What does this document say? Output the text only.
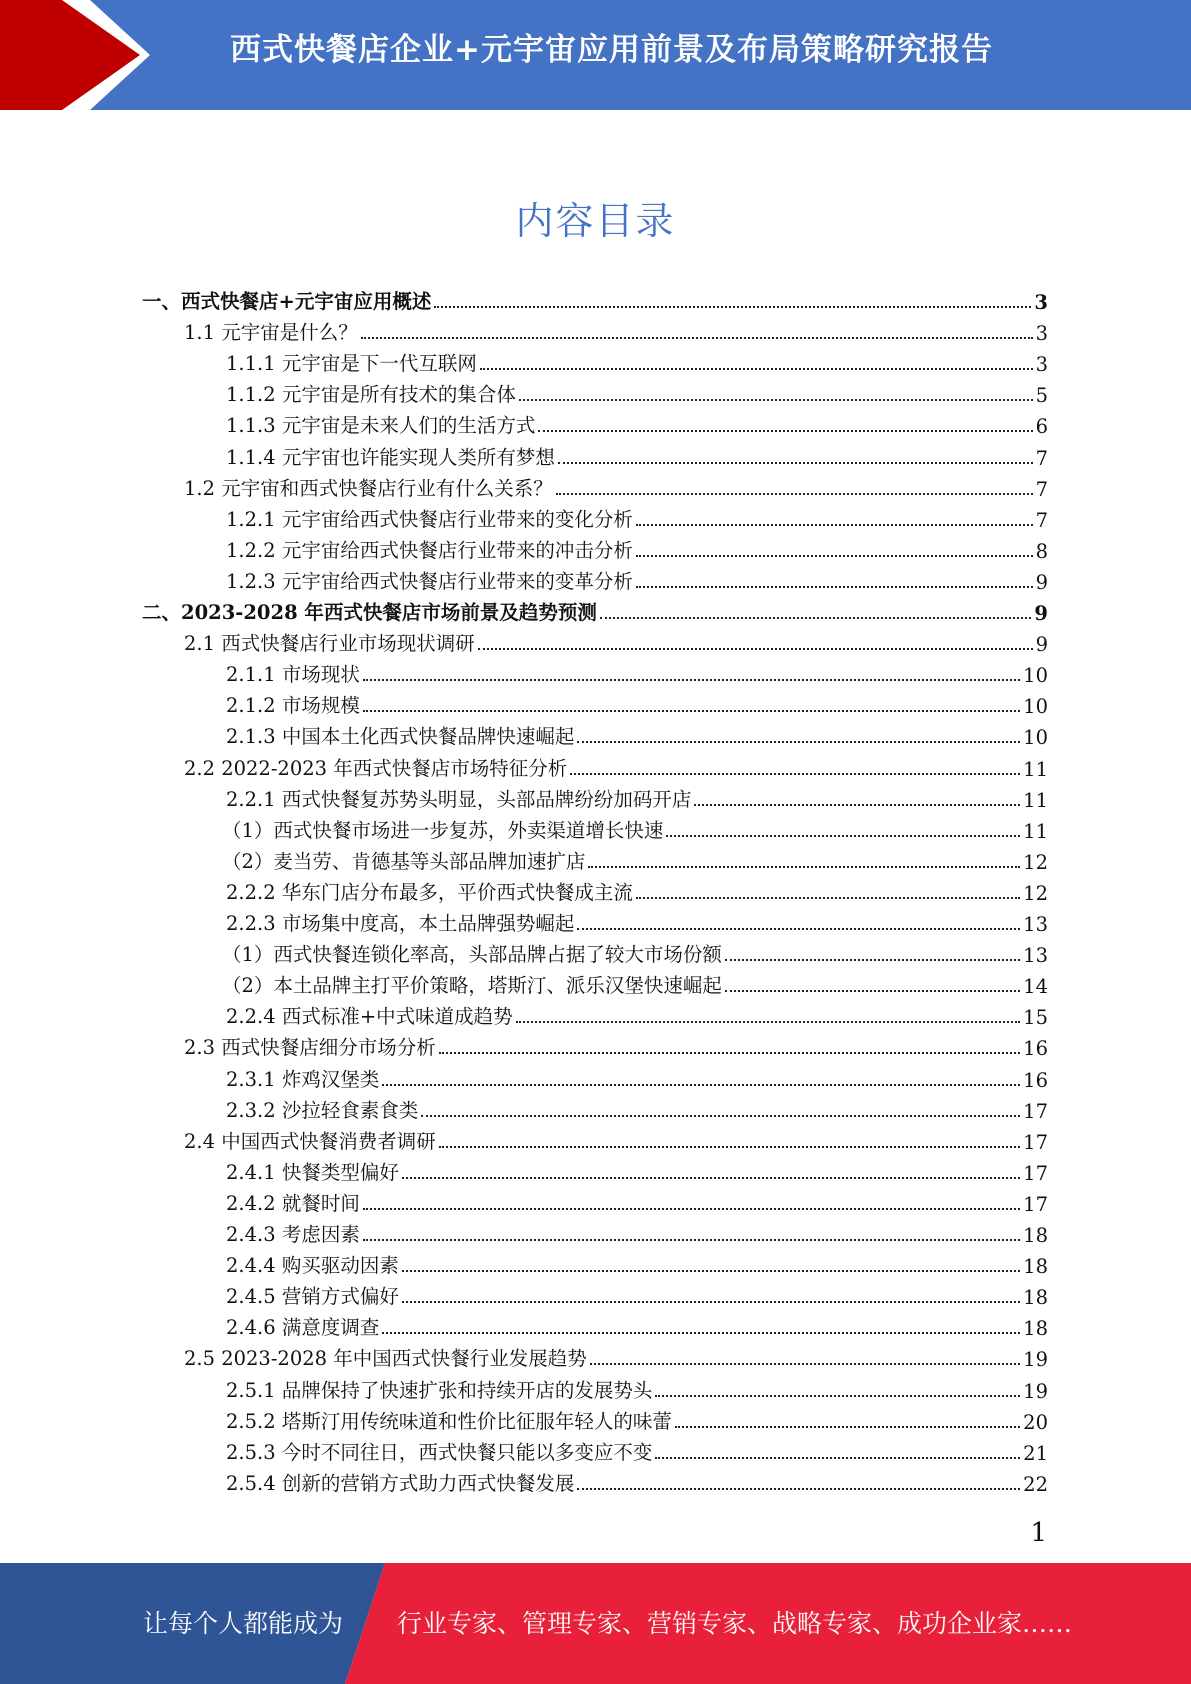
西式快餐店企业+元宇宙应用前景及布局策略研究报告
内容目录
一、西式快餐店+元宇宙应用概述	3
1.1 元宇宙是什么？	3
1.1.1 元宇宙是下一代互联网	3
1.1.2 元宇宙是所有技术的集合体	5
1.1.3 元宇宙是未来人们的生活方式	6
1.1.4 元宇宙也许能实现人类所有梦想	7
1.2 元宇宙和西式快餐店行业有什么关系？	7
1.2.1 元宇宙给西式快餐店行业带来的变化分析	7
1.2.2 元宇宙给西式快餐店行业带来的冲击分析	8
1.2.3 元宇宙给西式快餐店行业带来的变革分析	9
二、2023-2028 年西式快餐店市场前景及趋势预测	9
2.1 西式快餐店行业市场现状调研	9
2.1.1 市场现状	10
2.1.2 市场规模	10
2.1.3 中国本土化西式快餐品牌快速崛起	10
2.2 2022-2023 年西式快餐店市场特征分析	11
2.2.1 西式快餐复苏势头明显，头部品牌纷纷加码开店	11
（1）西式快餐市场进一步复苏，外卖渠道增长快速	11
（2）麦当劳、肯德基等头部品牌加速扩店	12
2.2.2 华东门店分布最多，平价西式快餐成主流	12
2.2.3 市场集中度高，本土品牌强势崛起	13
（1）西式快餐连锁化率高，头部品牌占据了较大市场份额	13
（2）本土品牌主打平价策略，塔斯汀、派乐汉堡快速崛起	14
2.2.4 西式标准+中式味道成趋势	15
2.3 西式快餐店细分市场分析	16
2.3.1 炸鸡汉堡类	16
2.3.2 沙拉轻食素食类	17
2.4 中国西式快餐消费者调研	17
2.4.1 快餐类型偏好	17
2.4.2 就餐时间	17
2.4.3 考虑因素	18
2.4.4 购买驱动因素	18
2.4.5 营销方式偏好	18
2.4.6 满意度调查	18
2.5 2023-2028 年中国西式快餐行业发展趋势	19
2.5.1 品牌保持了快速扩张和持续开店的发展势头	19
2.5.2 塔斯汀用传统味道和性价比征服年轻人的味蕾	20
2.5.3 今时不同往日，西式快餐只能以多变应不变	21
2.5.4 创新的营销方式助力西式快餐发展	22
1
让每个人都能成为 行业专家、管理专家、营销专家、战略专家、成功企业家……
